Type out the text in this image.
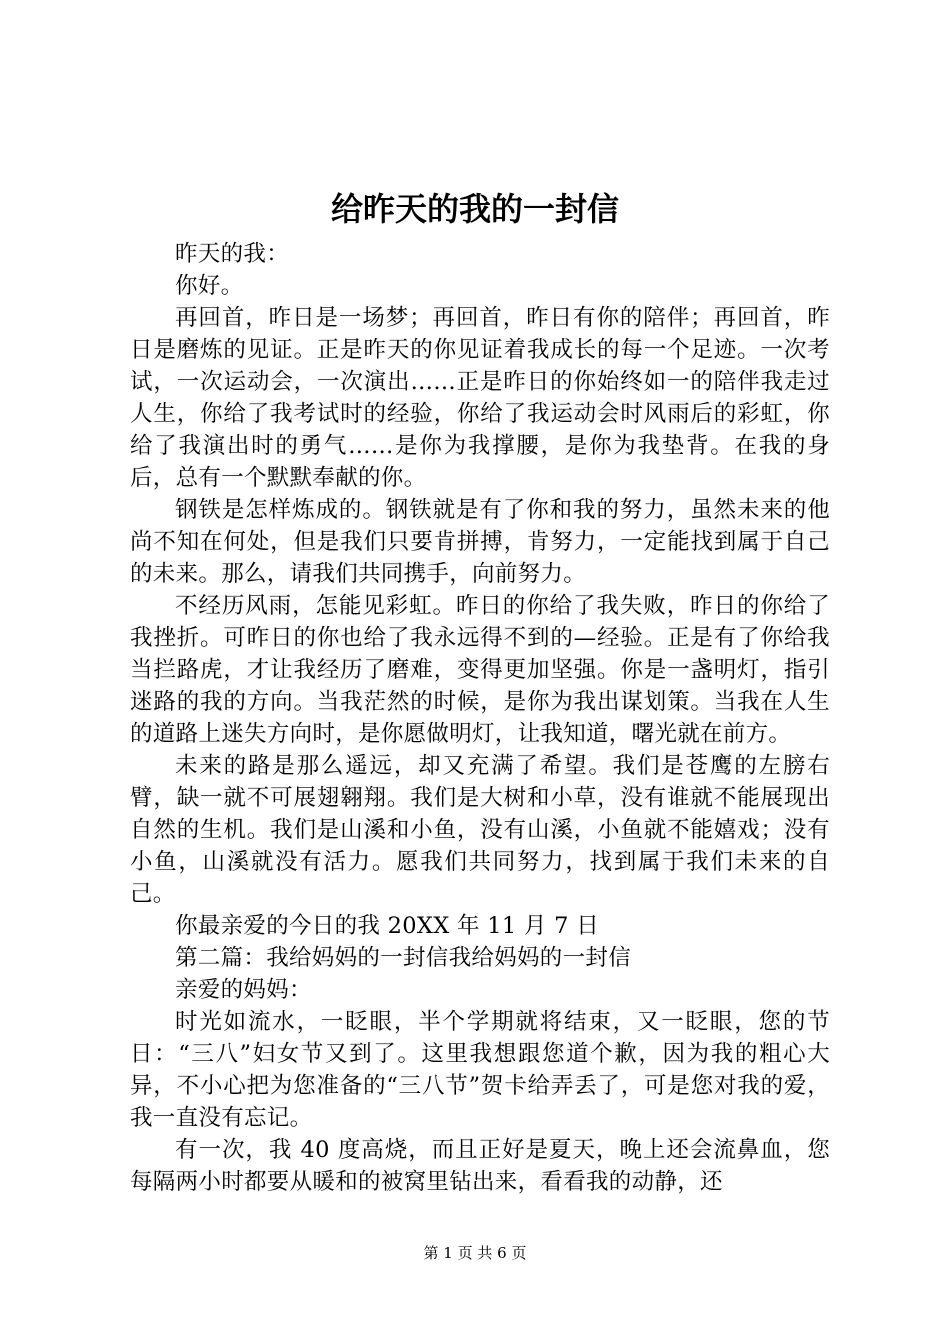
给昨天的我的一封信

昨天的我：

你好。

再回首，昨日是一场梦；再回首，昨日有你的陪伴；再回首，昨日是磨炼的见证。正是昨天的你见证着我成长的每一个足迹。一次考试，一次运动会，一次演出……正是昨日的你始终如一的陪伴我走过人生，你给了我考试时的经验，你给了我运动会时风雨后的彩虹，你给了我演出时的勇气……是你为我撑腰，是你为我垫背。在我的身后，总有一个默默奉献的你。

钢铁是怎样炼成的。钢铁就是有了你和我的努力，虽然未来的他尚不知在何处，但是我们只要肯拼搏，肯努力，一定能找到属于自己的未来。那么，请我们共同携手，向前努力。

不经历风雨，怎能见彩虹。昨日的你给了我失败，昨日的你给了我挫折。可昨日的你也给了我永远得不到的—经验。正是有了你给我当拦路虎，才让我经历了磨难，变得更加坚强。你是一盏明灯，指引迷路的我的方向。当我茫然的时候，是你为我出谋划策。当我在人生的道路上迷失方向时，是你愿做明灯，让我知道，曙光就在前方。

未来的路是那么遥远，却又充满了希望。我们是苍鹰的左膀右臂，缺一就不可展翅翱翔。我们是大树和小草，没有谁就不能展现出自然的生机。我们是山溪和小鱼，没有山溪，小鱼就不能嬉戏；没有小鱼，山溪就没有活力。愿我们共同努力，找到属于我们未来的自己。

你最亲爱的今日的我 20XX 年 11 月 7 日

第二篇：我给妈妈的一封信我给妈妈的一封信

亲爱的妈妈：

时光如流水，一眨眼，半个学期就将结束，又一眨眼，您的节日：“三八”妇女节又到了。这里我想跟您道个歉，因为我的粗心大异，不小心把为您准备的“三八节”贺卡给弄丢了，可是您对我的爱，我一直没有忘记。

有一次，我 40 度高烧，而且正好是夏天，晚上还会流鼻血，您每隔两小时都要从暖和的被窝里钻出来，看看我的动静，还

第 1 页 共 6 页
